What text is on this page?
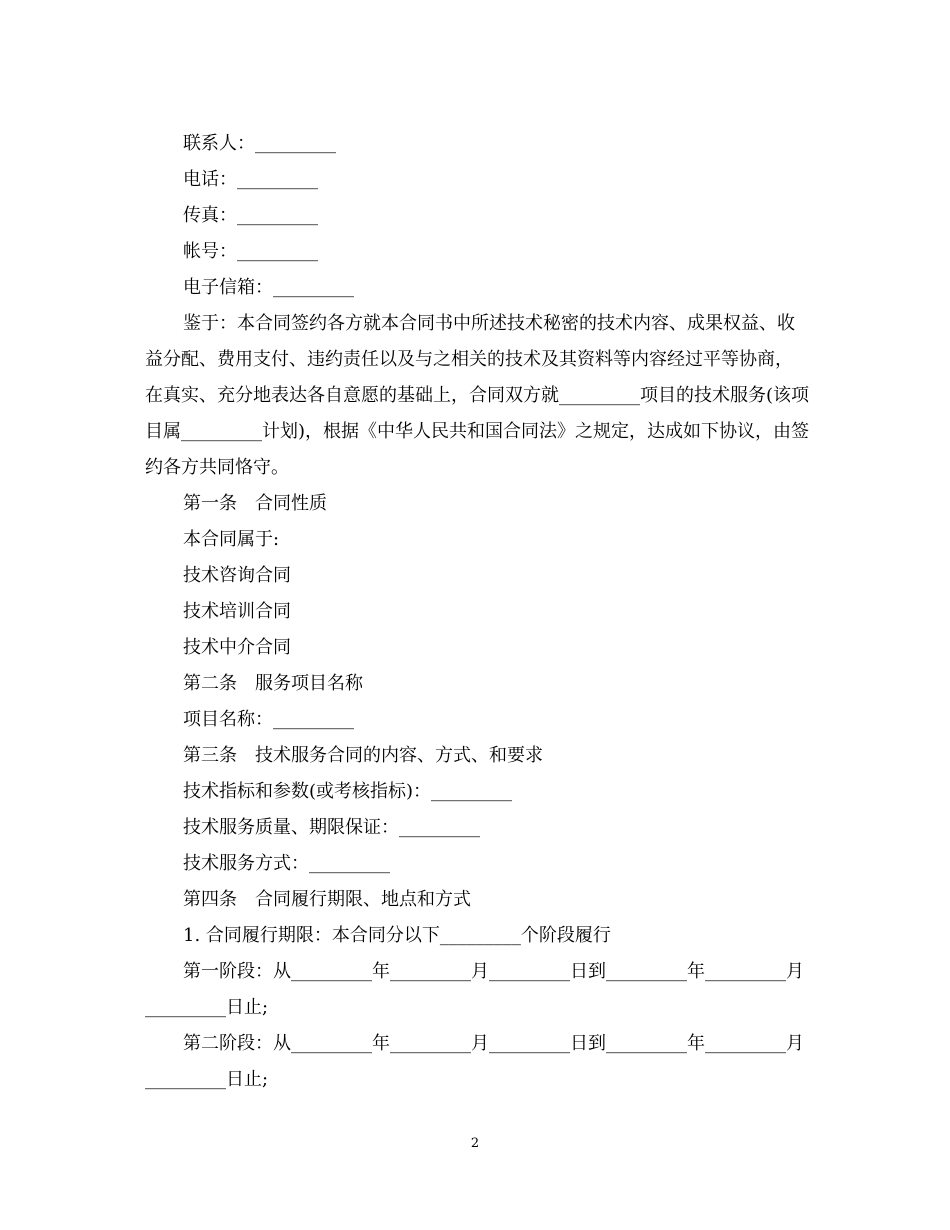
联系人：_________

电话：_________

传真：_________

帐号：_________

电子信箱：_________

鉴于：本合同签约各方就本合同书中所述技术秘密的技术内容、成果权益、收益分配、费用支付、违约责任以及与之相关的技术及其资料等内容经过平等协商，在真实、充分地表达各自意愿的基础上，合同双方就_________项目的技术服务(该项目属_________计划)，根据《中华人民共和国合同法》之规定，达成如下协议，由签约各方共同恪守。

第一条　合同性质

本合同属于:

技术咨询合同

技术培训合同

技术中介合同

第二条　服务项目名称

项目名称：_________

第三条　技术服务合同的内容、方式、和要求

技术指标和参数(或考核指标)：_________

技术服务质量、期限保证：_________

技术服务方式：_________

第四条　合同履行期限、地点和方式

1. 合同履行期限：本合同分以下_________个阶段履行

第一阶段：从_________年_________月_________日到_________年_________月_________日止;

第二阶段：从_________年_________月_________日到_________年_________月_________日止;

2
